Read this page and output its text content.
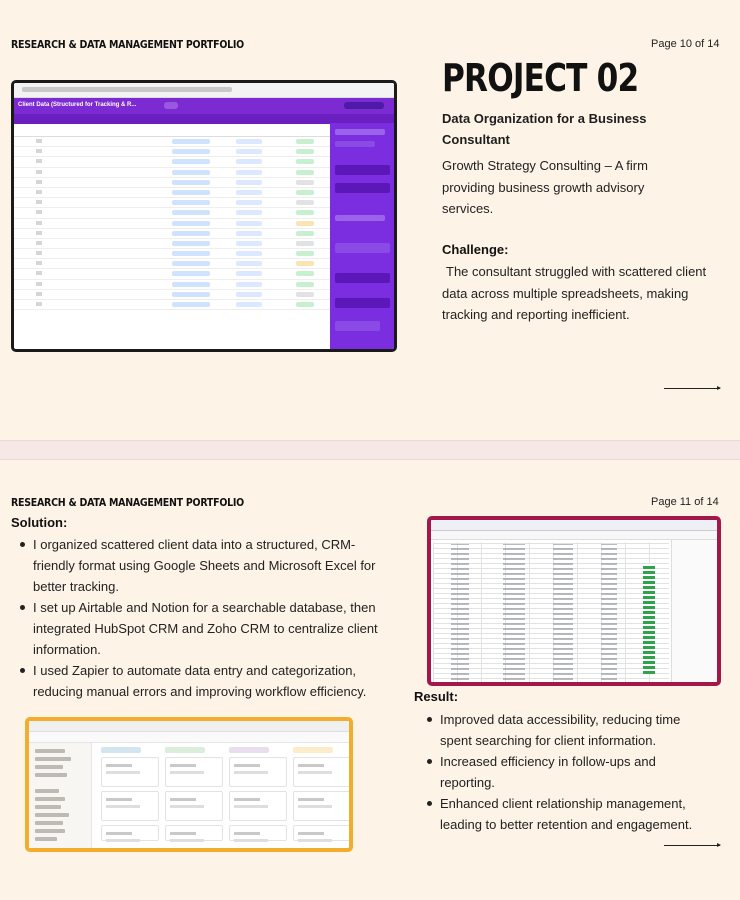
RESEARCH & DATA MANAGEMENT PORTFOLIO	Page 10 of 14
Client Data (Structured for Tracking & R...
PROJECT 02
Data Organization for a Business Consultant
Growth Strategy Consulting – A firm providing business growth advisory services.
Challenge:
The consultant struggled with scattered client data across multiple spreadsheets, making tracking and reporting inefficient.
RESEARCH & DATA MANAGEMENT PORTFOLIO	Page 11 of 14
Solution:
I organized scattered client data into a structured, CRM-friendly format using Google Sheets and Microsoft Excel for better tracking.
I set up Airtable and Notion for a searchable database, then integrated HubSpot CRM and Zoho CRM to centralize client information.
I used Zapier to automate data entry and categorization, reducing manual errors and improving workflow efficiency.	Result:
Improved data accessibility, reducing time spent searching for client information.
Increased efficiency in follow-ups and reporting.
Enhanced client relationship management, leading to better retention and engagement.
